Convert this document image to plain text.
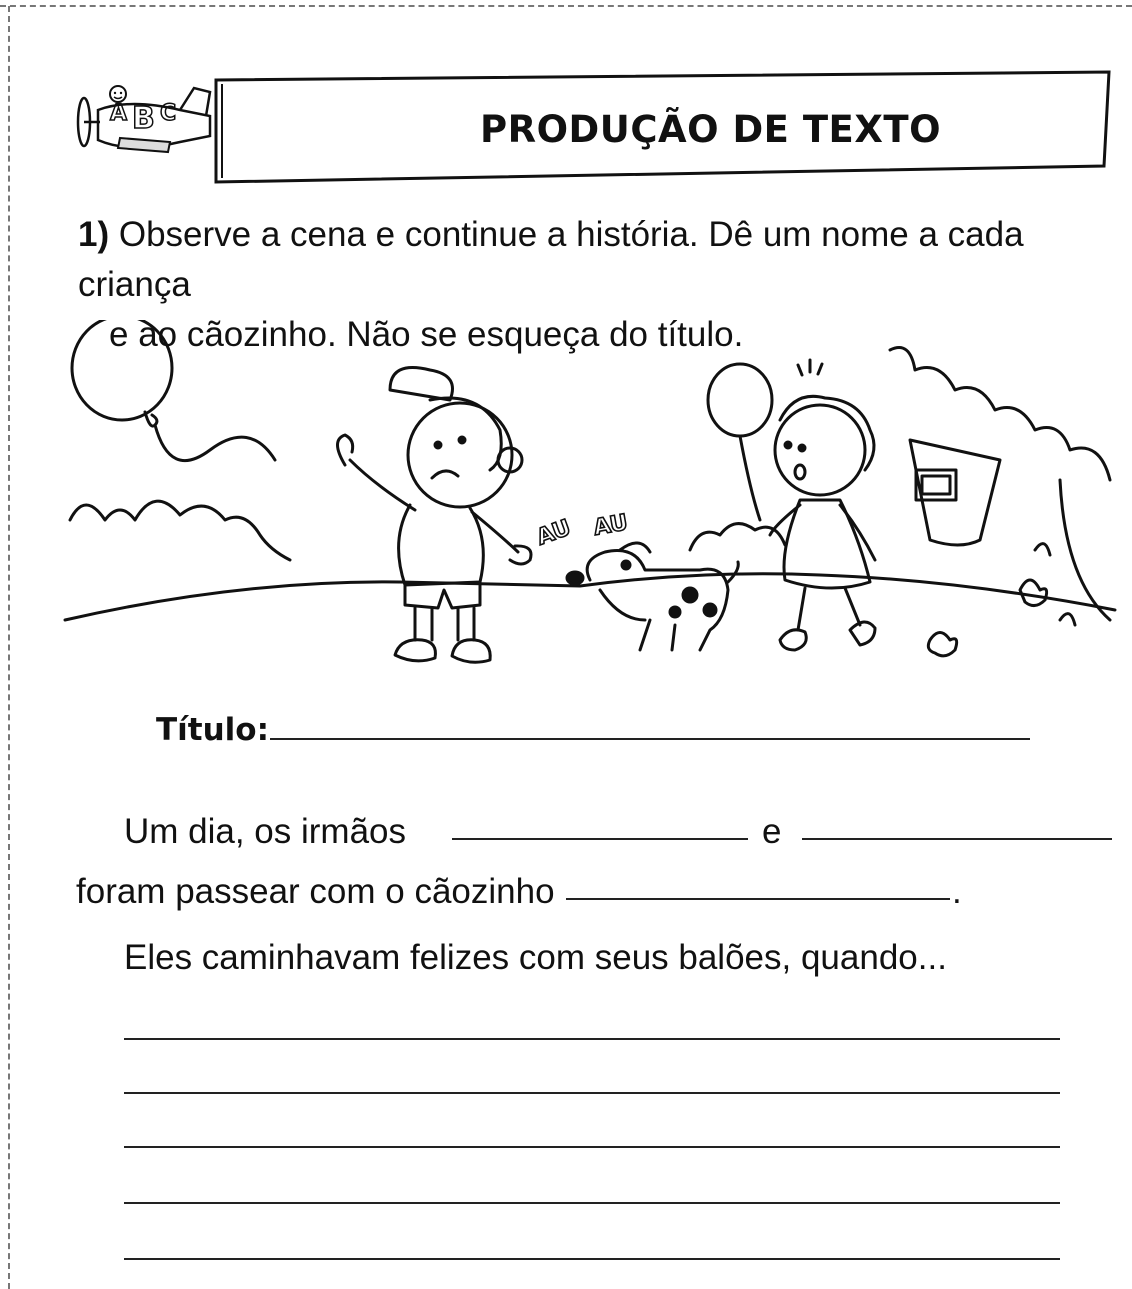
A B C	PRODUÇÃO DE TEXTO
1) Observe a cena e continue a história. Dê um nome a cada criança
e ao cãozinho. Não se esqueça do título.
AU AU
Título:
Um dia, os irmãos	e
foram passear com o cãozinho	.
Eles caminhavam felizes com seus balões, quando...
